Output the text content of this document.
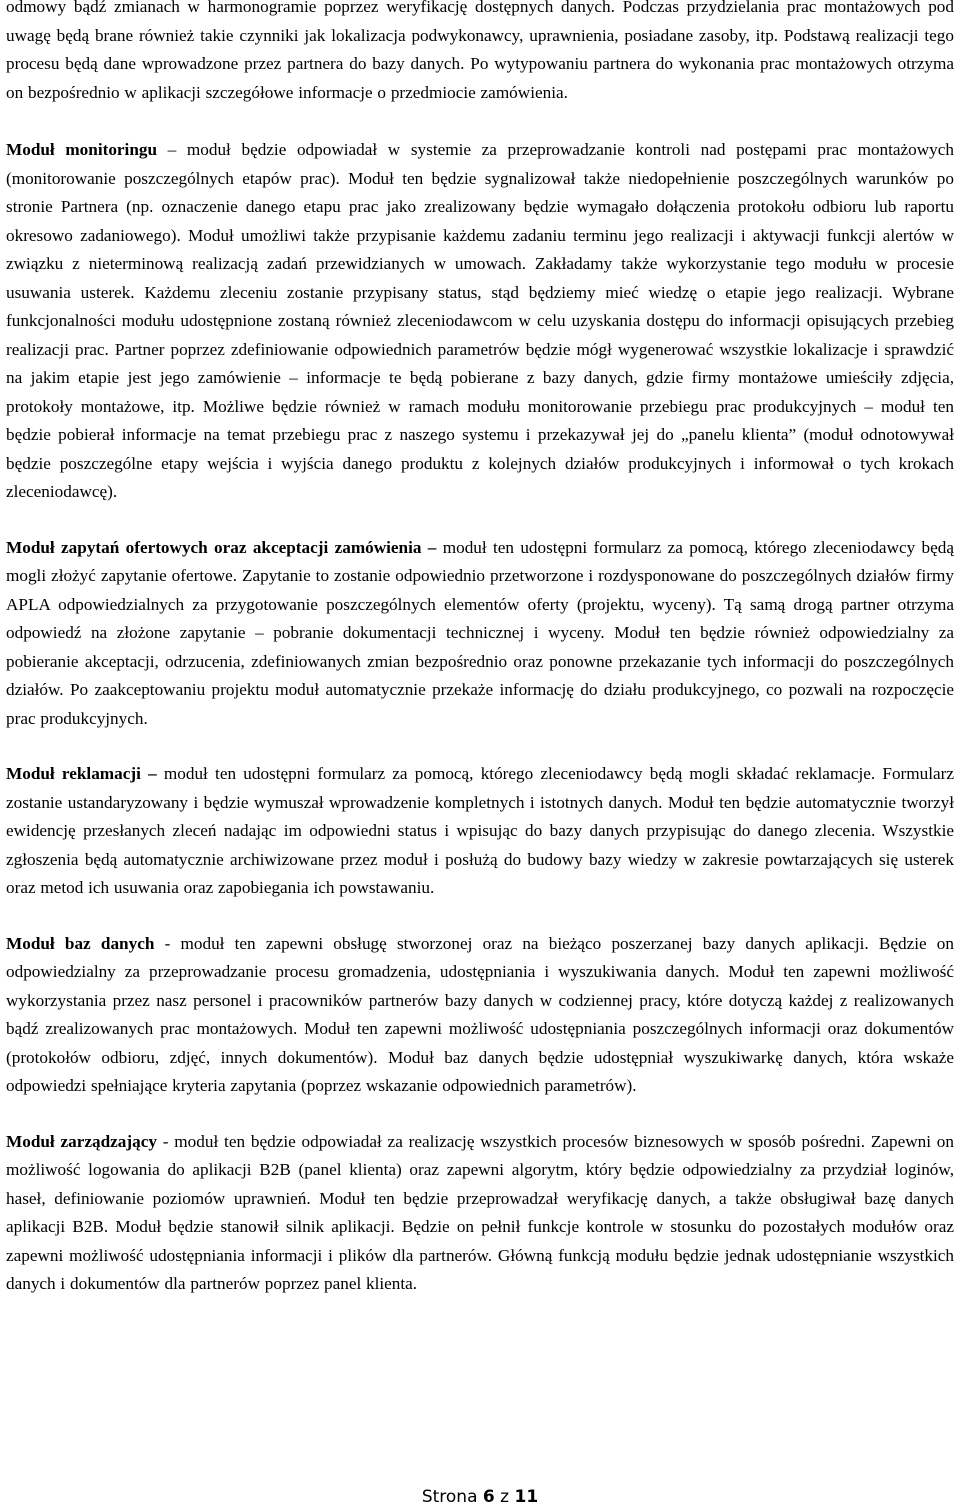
odmowy bądź zmianach w harmonogramie poprzez weryfikację dostępnych danych. Podczas przydzielania prac montażowych pod uwagę będą brane również takie czynniki jak lokalizacja podwykonawcy, uprawnienia, posiadane zasoby, itp. Podstawą realizacji tego procesu będą dane wprowadzone przez partnera do bazy danych. Po wytypowaniu partnera do wykonania prac montażowych otrzyma on bezpośrednio w aplikacji szczegółowe informacje o przedmiocie zamówienia.

Moduł monitoringu – moduł będzie odpowiadał w systemie za przeprowadzanie kontroli nad postępami prac montażowych (monitorowanie poszczególnych etapów prac). Moduł ten będzie sygnalizował także niedopełnienie poszczególnych warunków po stronie Partnera (np. oznaczenie danego etapu prac jako zrealizowany będzie wymagało dołączenia protokołu odbioru lub raportu okresowo zadaniowego). Moduł umożliwi także przypisanie każdemu zadaniu terminu jego realizacji i aktywacji funkcji alertów w związku z nieterminową realizacją zadań przewidzianych w umowach. Zakładamy także wykorzystanie tego modułu w procesie usuwania usterek. Każdemu zleceniu zostanie przypisany status, stąd będziemy mieć wiedzę o etapie jego realizacji. Wybrane funkcjonalności modułu udostępnione zostaną również zleceniodawcom w celu uzyskania dostępu do informacji opisujących przebieg realizacji prac. Partner poprzez zdefiniowanie odpowiednich parametrów będzie mógł wygenerować wszystkie lokalizacje i sprawdzić na jakim etapie jest jego zamówienie – informacje te będą pobierane z bazy danych, gdzie firmy montażowe umieściły zdjęcia, protokoły montażowe, itp. Możliwe będzie również w ramach modułu monitorowanie przebiegu prac produkcyjnych – moduł ten będzie pobierał informacje na temat przebiegu prac z naszego systemu i przekazywał jej do „panelu klienta” (moduł odnotowywał będzie poszczególne etapy wejścia i wyjścia danego produktu z kolejnych działów produkcyjnych i informował o tych krokach zleceniodawcę).

Moduł zapytań ofertowych oraz akceptacji zamówienia – moduł ten udostępni formularz za pomocą, którego zleceniodawcy będą mogli złożyć zapytanie ofertowe. Zapytanie to zostanie odpowiednio przetworzone i rozdysponowane do poszczególnych działów firmy APLA odpowiedzialnych za przygotowanie poszczególnych elementów oferty (projektu, wyceny). Tą samą drogą partner otrzyma odpowiedź na złożone zapytanie – pobranie dokumentacji technicznej i wyceny. Moduł ten będzie również odpowiedzialny za pobieranie akceptacji, odrzucenia, zdefiniowanych zmian bezpośrednio oraz ponowne przekazanie tych informacji do poszczególnych działów. Po zaakceptowaniu projektu moduł automatycznie przekaże informację do działu produkcyjnego, co pozwali na rozpoczęcie prac produkcyjnych.

Moduł reklamacji – moduł ten udostępni formularz za pomocą, którego zleceniodawcy będą mogli składać reklamacje. Formularz zostanie ustandaryzowany i będzie wymuszał wprowadzenie kompletnych i istotnych danych. Moduł ten będzie automatycznie tworzył ewidencję przesłanych zleceń nadając im odpowiedni status i wpisując do bazy danych przypisując do danego zlecenia. Wszystkie zgłoszenia będą automatycznie archiwizowane przez moduł i posłużą do budowy bazy wiedzy w zakresie powtarzających się usterek oraz metod ich usuwania oraz zapobiegania ich powstawaniu.

Moduł baz danych - moduł ten zapewni obsługę stworzonej oraz na bieżąco poszerzanej bazy danych aplikacji. Będzie on odpowiedzialny za przeprowadzanie procesu gromadzenia, udostępniania i wyszukiwania danych. Moduł ten zapewni możliwość wykorzystania przez nasz personel i pracowników partnerów bazy danych w codziennej pracy, które dotyczą każdej z realizowanych bądź zrealizowanych prac montażowych. Moduł ten zapewni możliwość udostępniania poszczególnych informacji oraz dokumentów (protokołów odbioru, zdjęć, innych dokumentów). Moduł baz danych będzie udostępniał wyszukiwarkę danych, która wskaże odpowiedzi spełniające kryteria zapytania (poprzez wskazanie odpowiednich parametrów).

Moduł zarządzający - moduł ten będzie odpowiadał za realizację wszystkich procesów biznesowych w sposób pośredni. Zapewni on możliwość logowania do aplikacji B2B (panel klienta) oraz zapewni algorytm, który będzie odpowiedzialny za przydział loginów, haseł, definiowanie poziomów uprawnień. Moduł ten będzie przeprowadzał weryfikację danych, a także obsługiwał bazę danych aplikacji B2B. Moduł będzie stanowił silnik aplikacji. Będzie on pełnił funkcje kontrole w stosunku do pozostałych modułów oraz zapewni możliwość udostępniania informacji i plików dla partnerów. Główną funkcją modułu będzie jednak udostępnianie wszystkich danych i dokumentów dla partnerów poprzez panel klienta.

Strona 6 z 11
